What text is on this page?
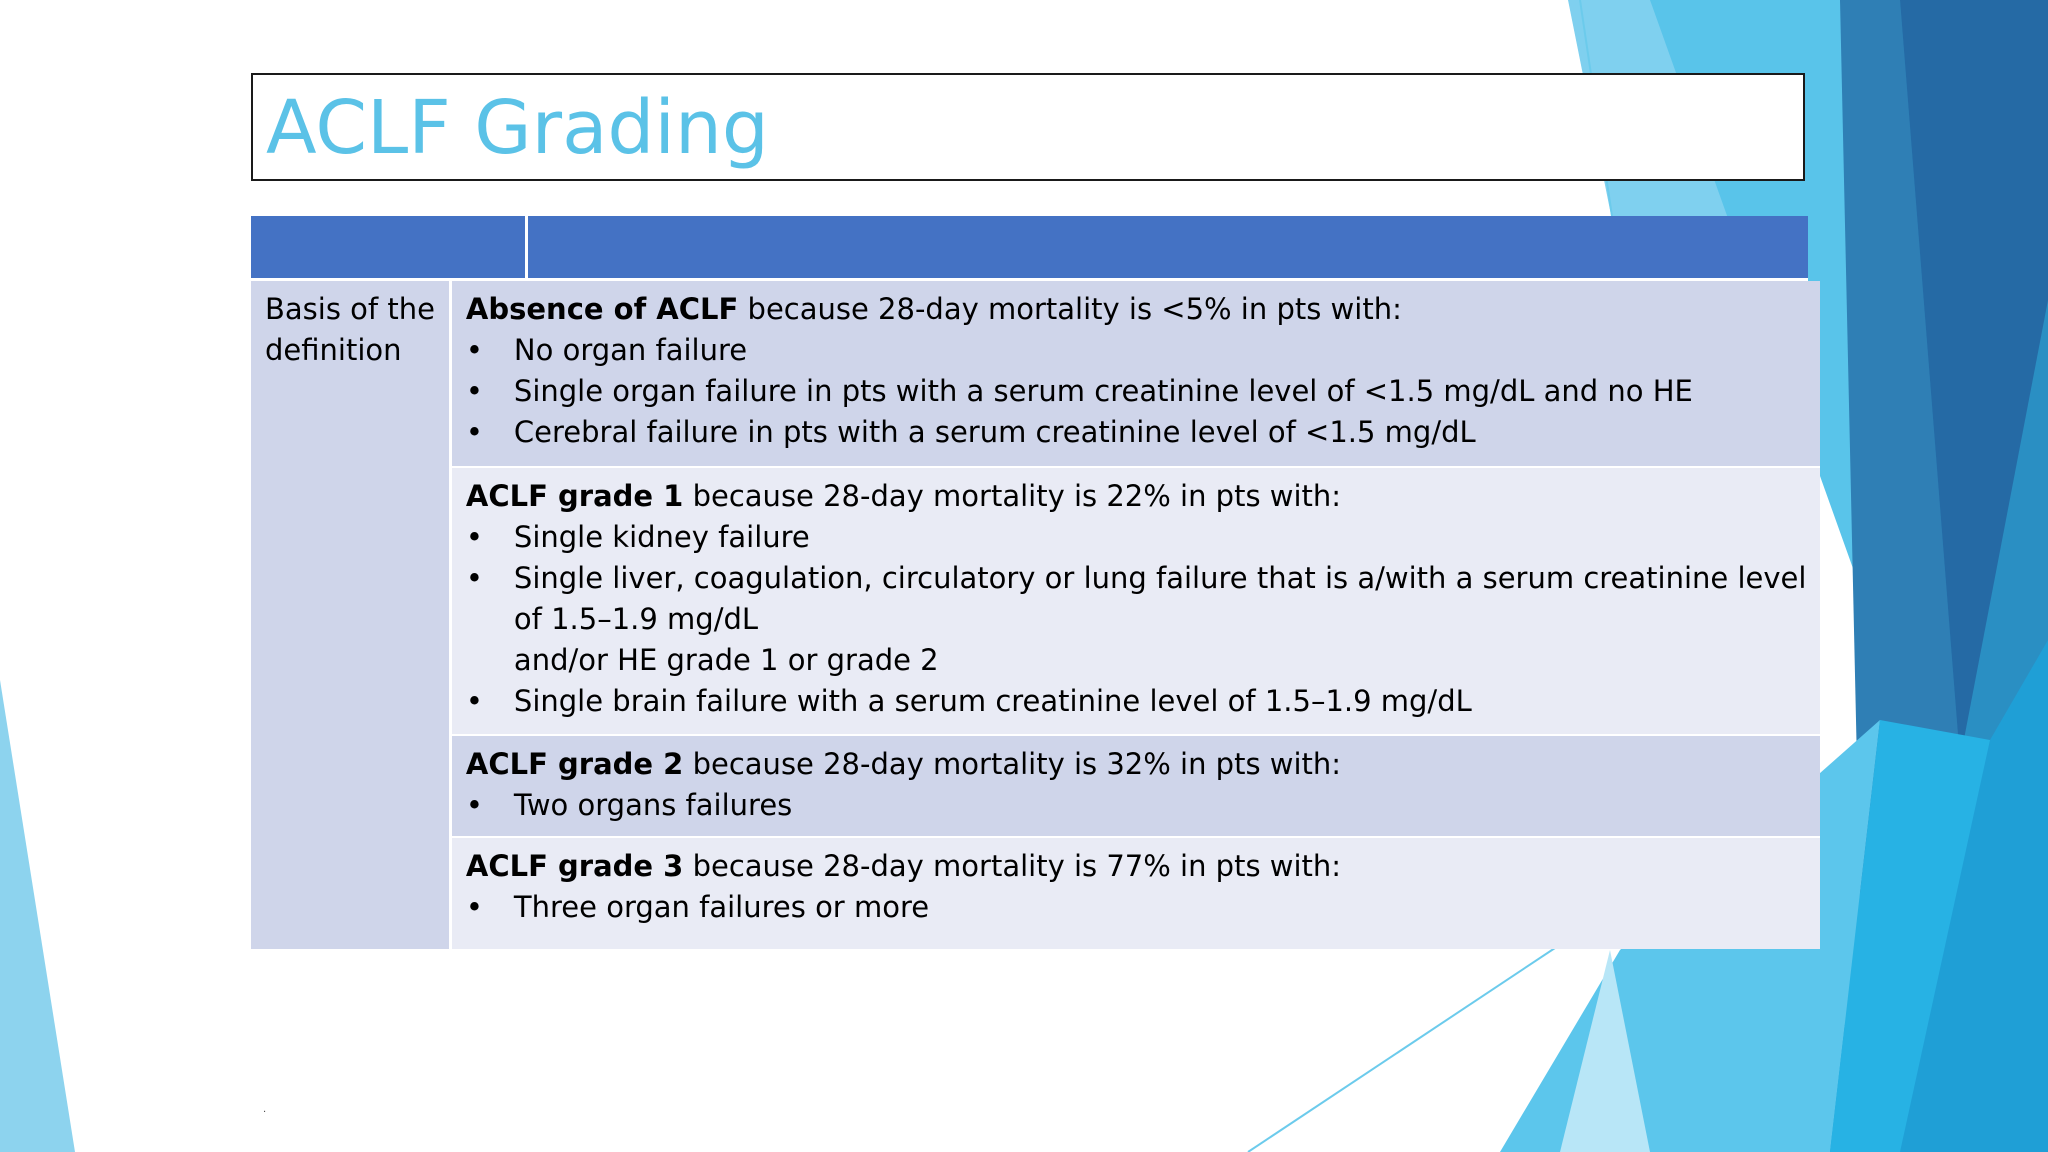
ACLF Grading
Basis of the
definition
Absence of ACLF because 28-day mortality is <5% in pts with:
•	No organ failure
•	Single organ failure in pts with a serum creatinine level of <1.5 mg/dL and no HE
•	Cerebral failure in pts with a serum creatinine level of <1.5 mg/dL
ACLF grade 1 because 28-day mortality is 22% in pts with:
•	Single kidney failure
•	Single liver, coagulation, circulatory or lung failure that is a/with a serum creatinine level
of 1.5–1.9 mg/dL
and/or HE grade 1 or grade 2
•	Single brain failure with a serum creatinine level of 1.5–1.9 mg/dL
ACLF grade 2 because 28-day mortality is 32% in pts with:
•	Two organs failures
ACLF grade 3 because 28-day mortality is 77% in pts with:
•	Three organ failures or more
.
